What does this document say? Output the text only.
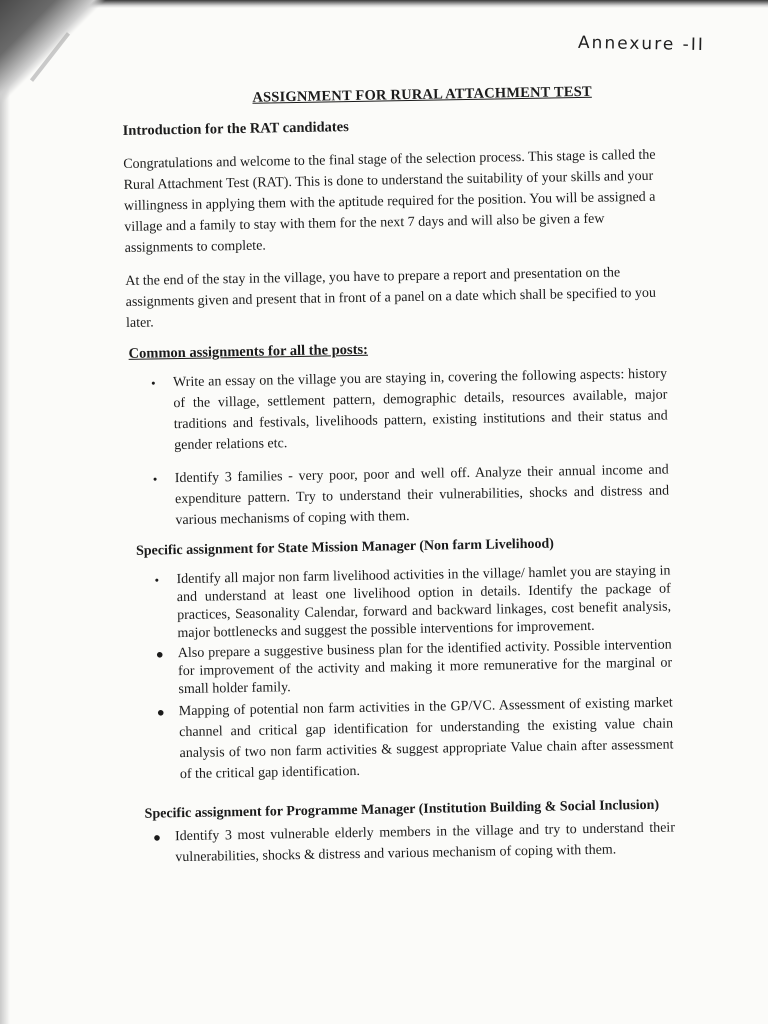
Annexure -II
ASSIGNMENT FOR RURAL ATTACHMENT TEST
Introduction for the RAT candidates

Congratulations and welcome to the final stage of the selection process. This stage is called the Rural Attachment Test (RAT). This is done to understand the suitability of your skills and your willingness in applying them with the aptitude required for the position. You will be assigned a village and a family to stay with them for the next 7 days and will also be given a few assignments to complete.

At the end of the stay in the village, you have to prepare a report and presentation on the assignments given and present that in front of a panel on a date which shall be specified to you later.

Common assignments for all the posts:
• Write an essay on the village you are staying in, covering the following aspects: history of the village, settlement pattern, demographic details, resources available, major traditions and festivals, livelihoods pattern, existing institutions and their status and gender relations etc.
• Identify 3 families - very poor, poor and well off. Analyze their annual income and expenditure pattern. Try to understand their vulnerabilities, shocks and distress and various mechanisms of coping with them.
Specific assignment for State Mission Manager (Non farm Livelihood)
• Identify all major non farm livelihood activities in the village/ hamlet you are staying in and understand at least one livelihood option in details. Identify the package of practices, Seasonality Calendar, forward and backward linkages, cost benefit analysis, major bottlenecks and suggest the possible interventions for improvement.
● Also prepare a suggestive business plan for the identified activity. Possible intervention for improvement of the activity and making it more remunerative for the marginal or small holder family.
● Mapping of potential non farm activities in the GP/VC. Assessment of existing market channel and critical gap identification for understanding the existing value chain analysis of two non farm activities & suggest appropriate Value chain after assessment of the critical gap identification.
Specific assignment for Programme Manager (Institution Building & Social Inclusion)
● Identify 3 most vulnerable elderly members in the village and try to understand their vulnerabilities, shocks & distress and various mechanism of coping with them.
